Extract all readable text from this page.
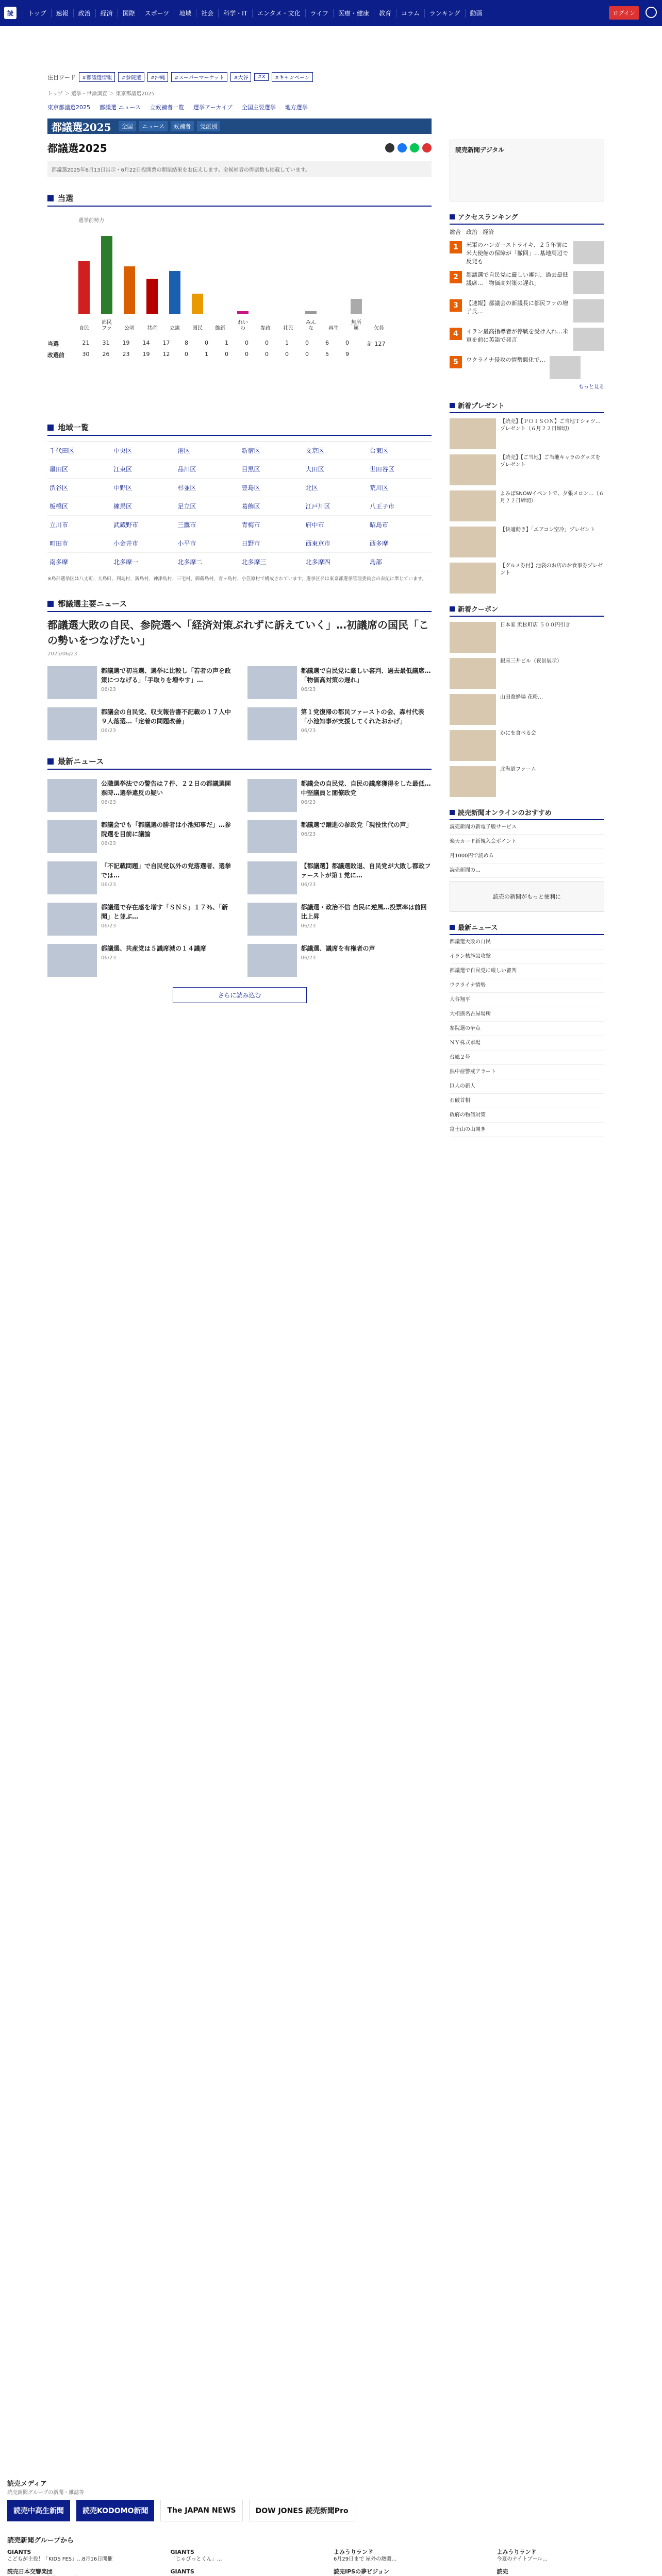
読	トップ	速報	政治	経済	国際	スポーツ	地域	社会	科学・IT	エンタメ・文化	ライフ	医療・健康	教育	コラム	ランキング	動画	ログイン
注目ワード	#都議選情報	#参院選	#沖縄	#スーパーマーケット	#大谷	#X	#キャンペーン
トップ ＞ 選挙・世論調査 ＞ 東京都議選2025
東京都議選2025 都議選 ニュース 立候補者一覧 選挙アーカイブ 全国主要選挙 地方選挙
都議選2025	全国	ニュース	候補者	党派別
都議選2025
都議選2025年6月13日告示・6月22日投開票の開票結果をお伝えします。全候補者の得票数も掲載しています。
当選
選挙前勢力
自民
都民ファ 公明 共産 立憲 国民 維新
れいわ	参政 社民
みんな	再生
無所属	欠員
当選	21	31	19	14	17	8	0	1	0	0	1	0	6	0
改選前	30	26	23	19	12	0	1	0	0	0	0	0	5	9
計 127
地域一覧
千代田区	中央区	港区	新宿区	文京区	台東区
墨田区	江東区	品川区	目黒区	大田区	世田谷区
渋谷区	中野区	杉並区	豊島区	北区	荒川区
板橋区	練馬区	足立区	葛飾区	江戸川区	八王子市
立川市	武蔵野市	三鷹市	青梅市	府中市	昭島市
町田市	小金井市	小平市	日野市	西東京市	西多摩
南多摩	北多摩一	北多摩二	北多摩三	北多摩四	島部
※島部選挙区は八丈町、大島町、利島村、新島村、神津島村、三宅村、御蔵島村、青ヶ島村、小笠原村で構成されています。選挙区名は東京都選挙管理委員会の表記に準じています。
都議選主要ニュース
都議選大敗の自民、参院選へ「経済対策ぶれずに訴えていく」…初議席の国民「この勢いをつなげたい」
2025/06/23
都議選で初当選、選挙に比較し「若者の声を政策につなげる」「手取りを増やす」…
06/23
都議選で自民党に厳しい審判、過去最低議席…「物価高対策の遅れ」
06/23
都議会の自民党、収支報告書不記載の１７人中９人落選…「定着の問題改善」
06/23
第１党復帰の都民ファーストの会、森村代表「小池知事が支援してくれたおかげ」
06/23
最新ニュース
公職選挙法での警告は７件、２２日の都議選開票時…選挙違反の疑い
06/23
都議会の自民党、自民の議席獲得をした最低…中堅議員と閣僚政党
06/23
都議会でも「都議選の勝者は小池知事だ」…参院選を目前に議論
06/23
都議選で躍進の参政党「現役世代の声」
06/23
「不記載問題」で自民党以外の党落選者、選挙では…
06/23
【都議選】都議選敗退、自民党が大敗し都政ファーストが第１党に…
06/23
都議選で存在感を増す「ＳＮＳ」１７％、「新聞」と並ぶ…
06/23
都議選・政治不信 自民に逆風…投票率は前回比上昇
06/23
都議選、共産党は５議席減の１４議席
06/23
都議選、議席を有権者の声
06/23
さらに読み込む
読売新聞デジタル
アクセスランキング
総合 政治 経済
1	米軍のハンガーストライキ、２５年前に米大使館の保障が「撤回」…基地周辺で反発も
2	都議選で自民党に厳しい審判、過去最低議席…「物価高対策の遅れ」
3	【速報】都議会の新議長に都民ファの増子氏…
4	イラン最高指導者が停戦を受け入れ…米軍を前に英語で発言
5	ウクライナ侵攻の情勢悪化で…
もっと見る
新着プレゼント
【読売】【ＰＯＩＳＯＮ】ご当地Ｔシャツ…プレゼント（６月２２日締切）
【読売】【ご当地】ご当地キャラのグッズをプレゼント
よみぽSNOWイベントで、夕張メロン…（６月２２日締切）
【快適動き】「エアコン空冷」プレゼント
【グルメ券付】池袋のお店のお食事券プレゼント
新着クーポン
日本家 浜松町店 ５００円引き
銀座三井ビル（夜景展示）
山田養蜂場 花粉…
かにを食べる会
北海道ファーム
読売新聞オンラインのおすすめ
読売新聞の新電子版サービス
楽天カード新規入会ポイント
月1000円で読める
読売新聞の…
読売の新聞がもっと便利に
最新ニュース
都議選大敗の自民
イラン核施設攻撃
都議選で自民党に厳しい審判
ウクライナ情勢
大谷翔平
大相撲名古屋場所
参院選の争点
ＮＹ株式市場
台風２号
熱中症警戒アラート
巨人の新人
石破首相
政府の物価対策
富士山の山開き
読売メディア
読売新聞グループの新聞・雑誌等
読売中高生新聞	読売KODOMO新聞	The JAPAN NEWS	DOW JONES 読売新聞Pro
読売新聞グループから
GIANTS
こどもが主役！「KIDS FES」…8月16日開催
GIANTS
「じゃびっとくん」…
よみうりランド
6月29日まで 屋外の熱闘…
よみうりランド
今夏のナイトプール…
読売日本交響楽団	GIANTS	読売IPSの夢ビジョン	読売
